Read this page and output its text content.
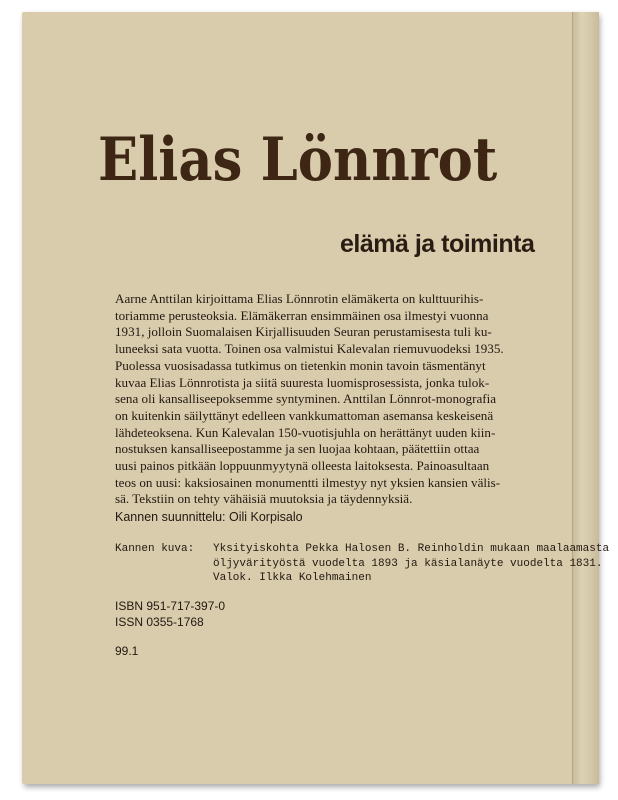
Elias Lönnrot
elämä ja toiminta

Aarne Anttilan kirjoittama Elias Lönnrotin elämäkerta on kulttuurihis-
toriamme perusteoksia. Elämäkerran ensimmäinen osa ilmestyi vuonna
1931, jolloin Suomalaisen Kirjallisuuden Seuran perustamisesta tuli ku-
luneeksi sata vuotta. Toinen osa valmistui Kalevalan riemuvuodeksi 1935.
Puolessa vuosisadassa tutkimus on tietenkin monin tavoin täsmentänyt
kuvaa Elias Lönnrotista ja siitä suuresta luomisprosessista, jonka tulok-
sena oli kansalliseepoksemme syntyminen. Anttilan Lönnrot-monografia
on kuitenkin säilyttänyt edelleen vankkumattoman asemansa keskeisenä
lähdeteoksena. Kun Kalevalan 150-vuotisjuhla on herättänyt uuden kiin-
nostuksen kansalliseepostamme ja sen luojaa kohtaan, päätettiin ottaa
uusi painos pitkään loppuunmyytynä olleesta laitoksesta. Painoasultaan
teos on uusi: kaksiosainen monumentti ilmestyy nyt yksien kansien välis-
sä. Tekstiin on tehty vähäisiä muutoksia ja täydennyksiä.

Kannen suunnittelu: Oili Korpisalo

Kannen kuva: Yksityiskohta Pekka Halosen B. Reinholdin mukaan maalaamasta
öljyvärityöstä vuodelta 1893 ja käsialanäyte vuodelta 1831.
Valok. Ilkka Kolehmainen

ISBN 951-717-397-0
ISSN 0355-1768

99.1
